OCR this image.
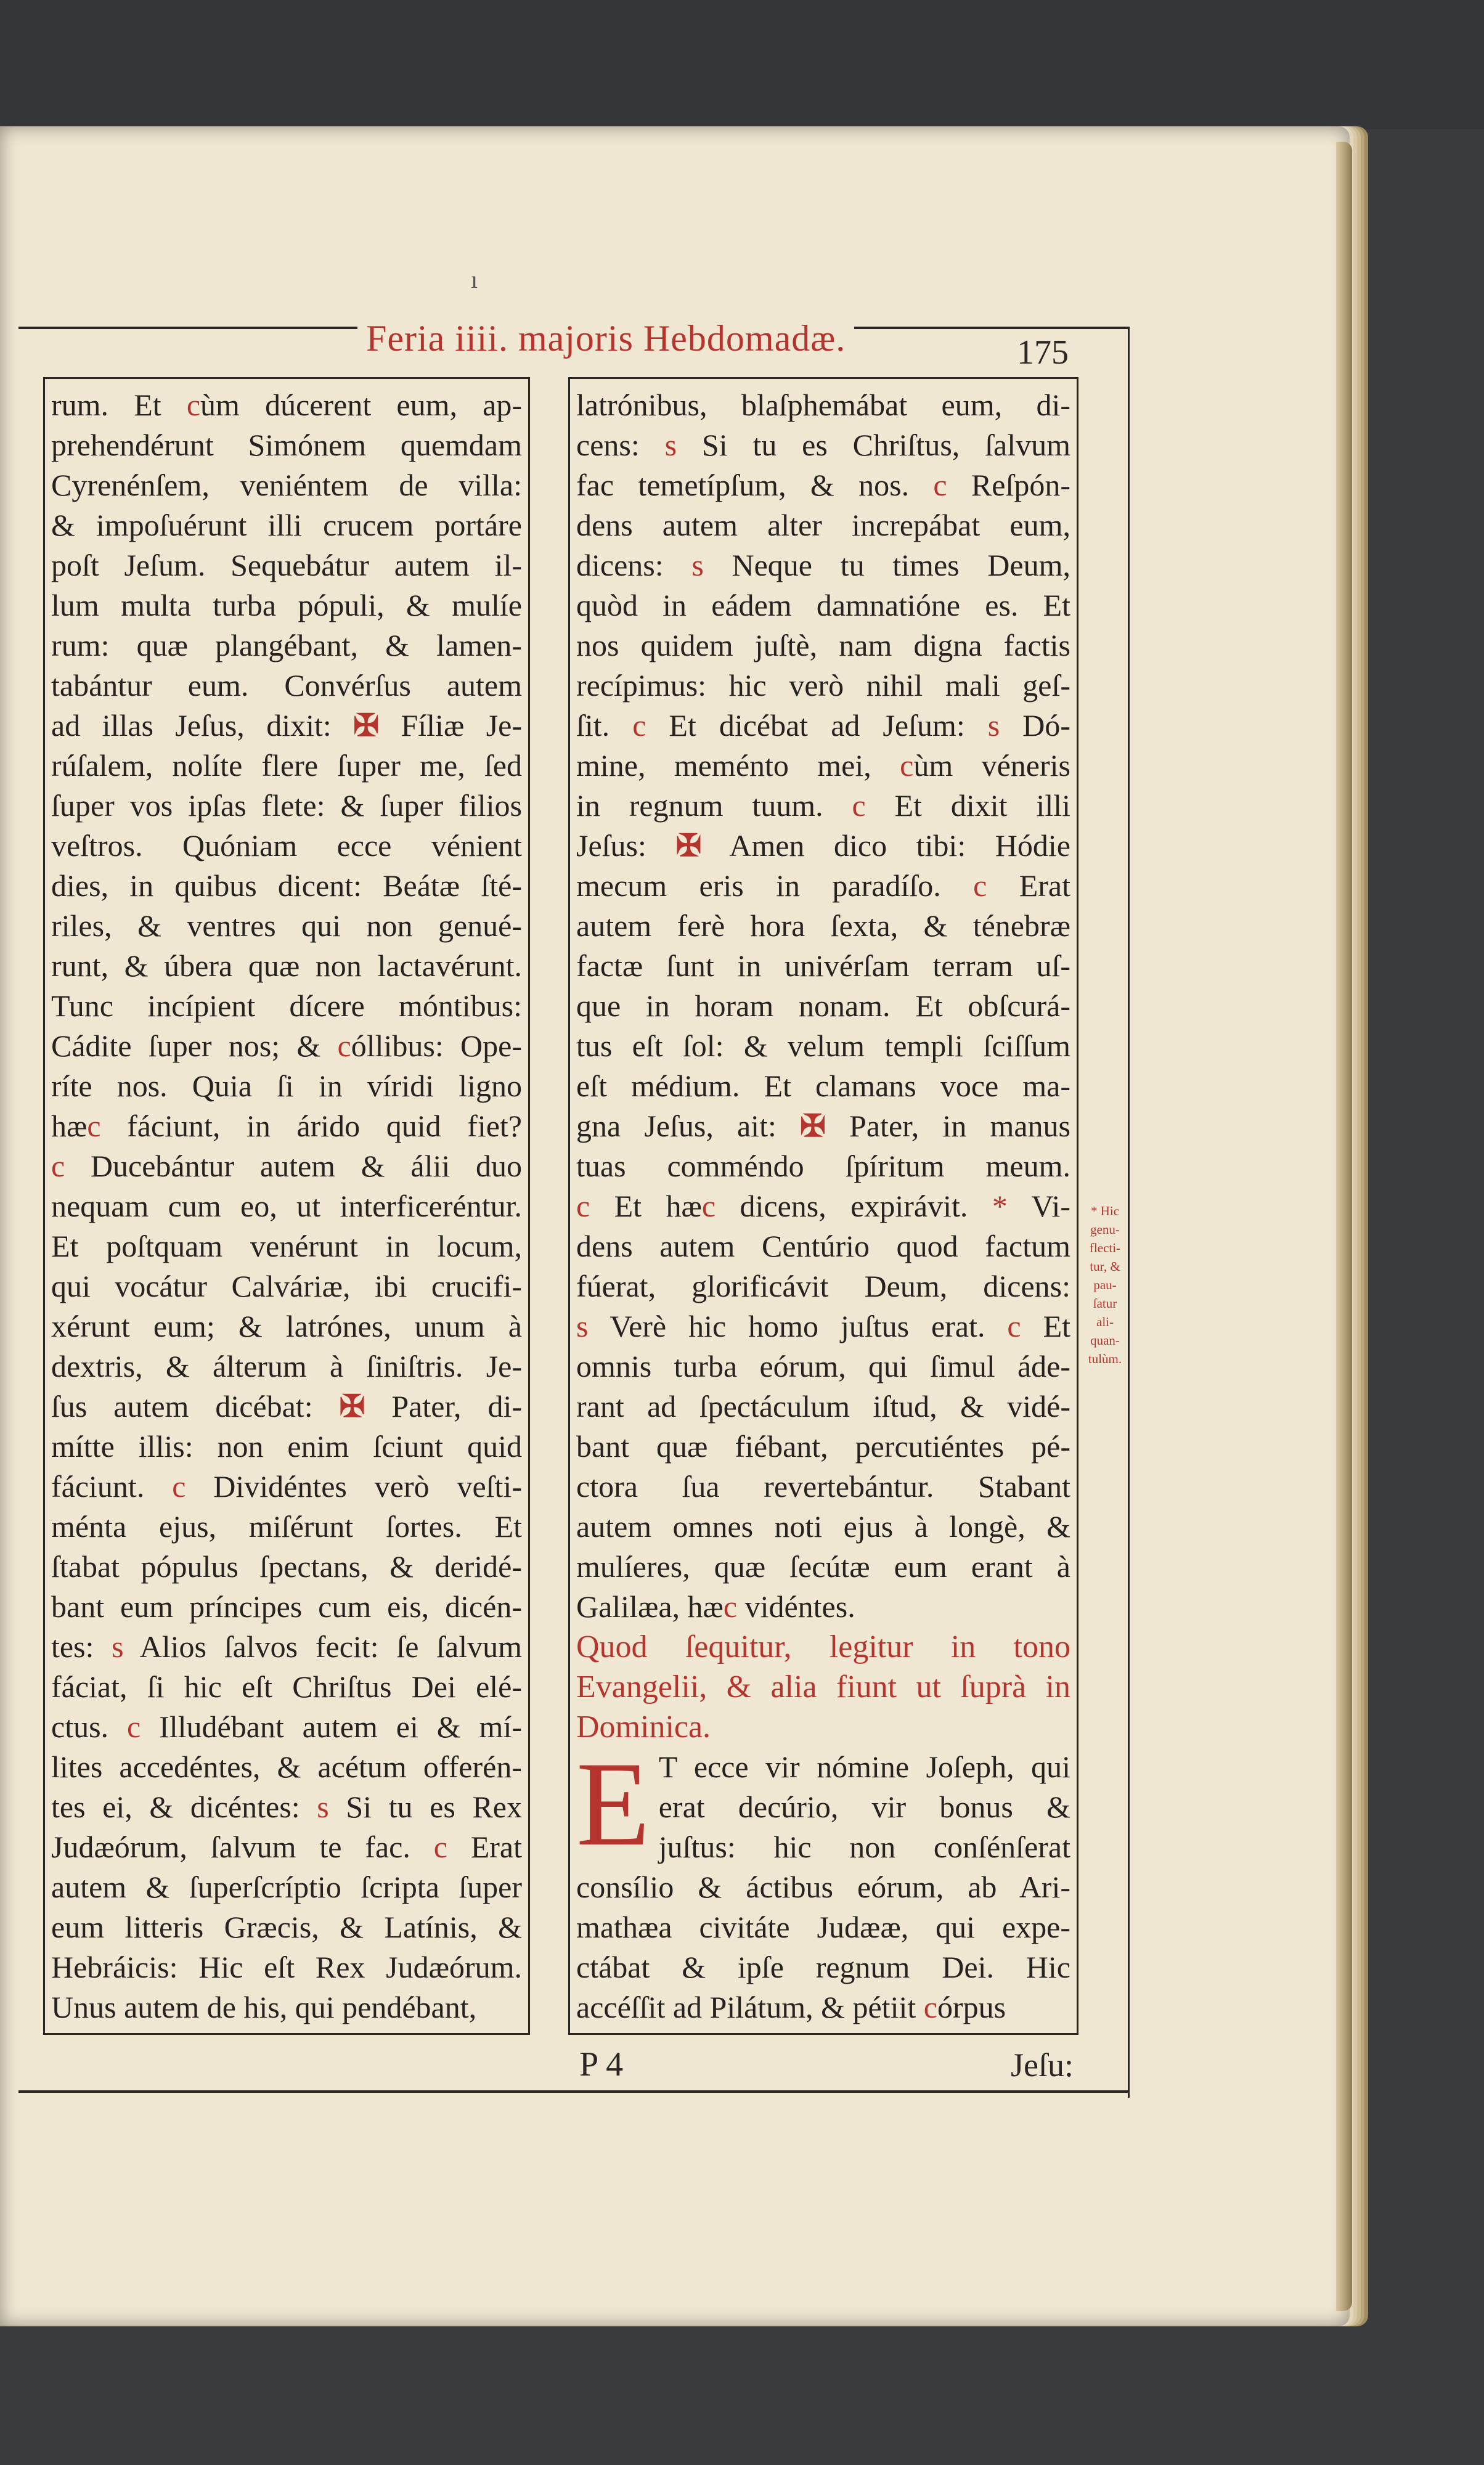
ı
Feria iiii. majoris Hebdomadæ.	175
rum. Et cùm dúcerent eum, ap-
prehendérunt Simónem quemdam
Cyrenénſem, veniéntem de villa:
& impoſuérunt illi crucem portáre
poſt Jeſum. Sequebátur autem il-
lum multa turba pópuli, & mulíe
rum: quæ plangébant, & lamen-
tabántur eum. Convérſus autem
ad illas Jeſus, dixit: ✠ Fíliæ Je-
rúſalem, nolíte flere ſuper me, ſed
ſuper vos ipſas flete: & ſuper filios
veſtros. Quóniam ecce vénient
dies, in quibus dicent: Beátæ ſté-
riles, & ventres qui non genué-
runt, & úbera quæ non lactavérunt.
Tunc incípient dícere móntibus:
Cádite ſuper nos; & cóllibus: Ope-
ríte nos. Quia ſi in víridi ligno
hæc fáciunt, in árido quid fiet?
c Ducebántur autem & álii duo
nequam cum eo, ut interficeréntur.
Et poſtquam venérunt in locum,
qui vocátur Calváriæ, ibi crucifi-
xérunt eum; & latrónes, unum à
dextris, & álterum à ſiniſtris. Je-
ſus autem dicébat: ✠ Pater, di-
mítte illis: non enim ſciunt quid
fáciunt. c Dividéntes verò veſti-
ménta ejus, miſérunt ſortes. Et
ſtabat pópulus ſpectans, & deridé-
bant eum príncipes cum eis, dicén-
tes: s Alios ſalvos fecit: ſe ſalvum
fáciat, ſi hic eſt Chriſtus Dei elé-
ctus. c Illudébant autem ei & mí-
lites accedéntes, & acétum offerén-
tes ei, & dicéntes: s Si tu es Rex
Judæórum, ſalvum te fac. c Erat
autem & ſuperſcríptio ſcripta ſuper
eum litteris Græcis, & Latínis, &
Hebráicis: Hic eſt Rex Judæórum.
Unus autem de his, qui pendébant,
latrónibus, blaſphemábat eum, di-
cens: s Si tu es Chriſtus, ſalvum
fac temetípſum, & nos. c Reſpón-
dens autem alter increpábat eum,
dicens: s Neque tu times Deum,
quòd in eádem damnatióne es. Et
nos quidem juſtè, nam digna factis
recípimus: hic verò nihil mali geſ-
ſit. c Et dicébat ad Jeſum: s Dó-
mine, meménto mei, cùm véneris
in regnum tuum. c Et dixit illi
Jeſus: ✠ Amen dico tibi: Hódie
mecum eris in paradíſo. c Erat
autem ferè hora ſexta, & ténebræ
factæ ſunt in univérſam terram uſ-
que in horam nonam. Et obſcurá-
tus eſt ſol: & velum templi ſciſſum
eſt médium. Et clamans voce ma-
gna Jeſus, ait: ✠ Pater, in manus
tuas comméndo ſpíritum meum.
c Et hæc dicens, expirávit. * Vi-
dens autem Centúrio quod factum
fúerat, glorificávit Deum, dicens:
s Verè hic homo juſtus erat. c Et
omnis turba eórum, qui ſimul áde-
rant ad ſpectáculum iſtud, & vidé-
bant quæ fiébant, percutiéntes pé-
ctora ſua revertebántur. Stabant
autem omnes noti ejus à longè, &
mulíeres, quæ ſecútæ eum erant à
Galilæa, hæc vidéntes.
Quod ſequitur, legitur in tono
Evangelii, & alia fiunt ut ſuprà in
Dominica.
E T ecce vir nómine Joſeph, qui
erat decúrio, vir bonus &
juſtus: hic non conſénſerat
consílio & áctibus eórum, ab Ari-
mathæa civitáte Judææ, qui expe-
ctábat & ipſe regnum Dei. Hic
accéſſit ad Pilátum, & pétiit córpus
* Hic genu-flecti-tur, & pau-ſatur ali-quan-tulùm.
P 4	Jeſu:
